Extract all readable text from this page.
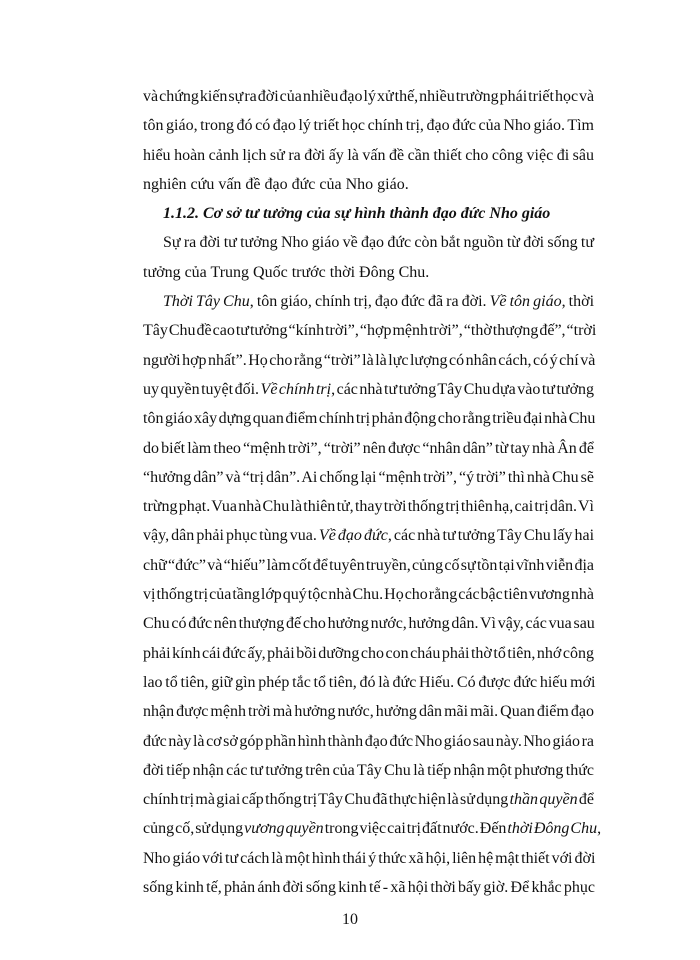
và chứng kiến sự ra đời của nhiều đạo lý xử thế, nhiều trường phái triết học và
tôn giáo, trong đó có đạo lý triết học chính trị, đạo đức của Nho giáo. Tìm
hiểu hoàn cảnh lịch sử ra đời ấy là vấn đề cần thiết cho công việc đi sâu
nghiên cứu vấn đề đạo đức của Nho giáo.
1.1.2. Cơ sở tư tưởng của sự hình thành đạo đức Nho giáo
Sự ra đời tư tưởng Nho giáo về đạo đức còn bắt nguồn từ đời sống tư
tưởng của Trung Quốc trước thời Đông Chu.
Thời Tây Chu, tôn giáo, chính trị, đạo đức đã ra đời. Về tôn giáo, thời
Tây Chu đề cao tư tưởng “kính trời”, “hợp mệnh trời”, “thờ thượng đế”, “trời
người hợp nhất”. Họ cho rằng “trời” là là lực lượng có nhân cách, có ý chí và
uy quyền tuyệt đối. Về chính trị, các nhà tư tưởng Tây Chu dựa vào tư tưởng
tôn giáo xây dựng quan điểm chính trị phản động cho rằng triều đại nhà Chu
do biết làm theo “mệnh trời”, “trời” nên được “nhân dân” từ tay nhà Ân để
“hưởng dân” và “trị dân”. Ai chống lại “mệnh trời”, “ý trời” thì nhà Chu sẽ
trừng phạt. Vua nhà Chu là thiên tử, thay trời thống trị thiên hạ, cai trị dân. Vì
vậy, dân phải phục tùng vua. Về đạo đức, các nhà tư tưởng Tây Chu lấy hai
chữ “đức” và “hiếu” làm cốt để tuyên truyền, củng cố sự tồn tại vĩnh viễn địa
vị thống trị của tầng lớp quý tộc nhà Chu. Họ cho rằng các bậc tiên vương nhà
Chu có đức nên thượng đế cho hưởng nước, hưởng dân. Vì vậy, các vua sau
phải kính cái đức ấy, phải bồi dưỡng cho con cháu phải thờ tổ tiên, nhớ công
lao tổ tiên, giữ gìn phép tắc tổ tiên, đó là đức Hiếu. Có được đức hiếu mới
nhận được mệnh trời mà hưởng nước, hưởng dân mãi mãi. Quan điểm đạo
đức này là cơ sở góp phần hình thành đạo đức Nho giáo sau này. Nho giáo ra
đời tiếp nhận các tư tưởng trên của Tây Chu là tiếp nhận một phương thức
chính trị mà giai cấp thống trị Tây Chu đã thực hiện là sử dụng thần quyền để
củng cố, sử dụng vương quyền trong việc cai trị đất nước. Đến thời Đông Chu,
Nho giáo với tư cách là một hình thái ý thức xã hội, liên hệ mật thiết với đời
sống kinh tế, phản ánh đời sống kinh tế - xã hội thời bấy giờ. Để khắc phục
10
